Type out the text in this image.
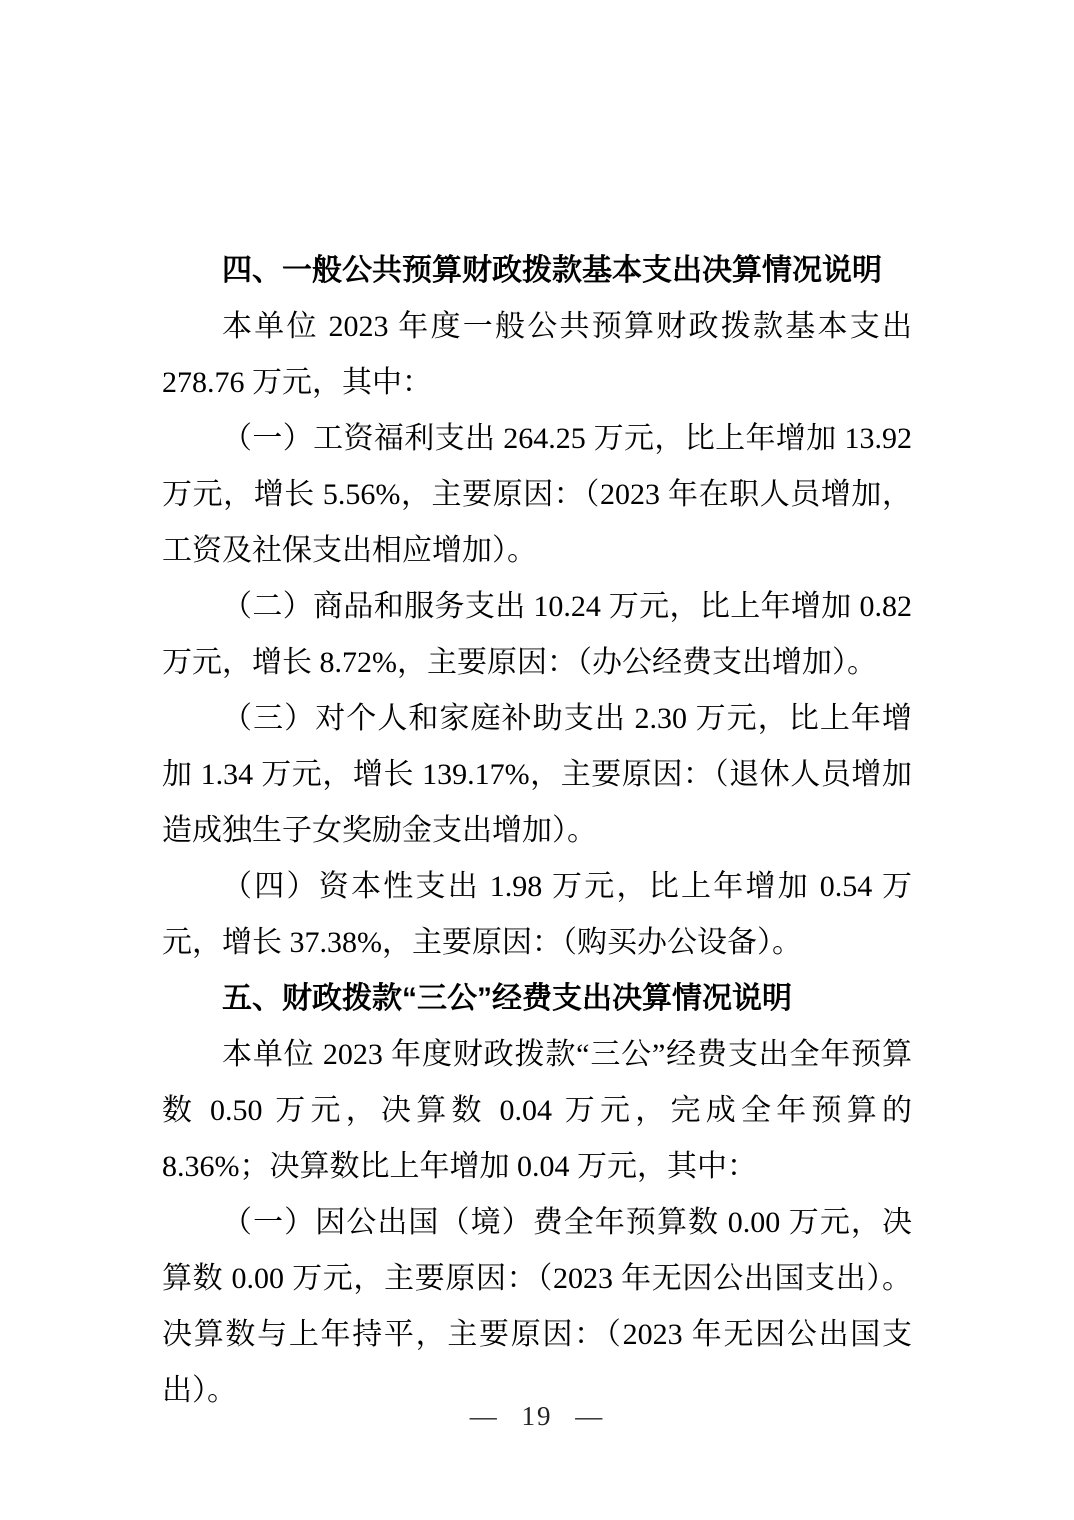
四、一般公共预算财政拨款基本支出决算情况说明

本单位 2023 年度一般公共预算财政拨款基本支出 278.76 万元，其中：

（一）工资福利支出 264.25 万元，比上年增加 13.92 万元，增长 5.56%，主要原因：（2023 年在职人员增加，工资及社保支出相应增加）。

（二）商品和服务支出 10.24 万元，比上年增加 0.82 万元，增长 8.72%，主要原因：（办公经费支出增加）。

（三）对个人和家庭补助支出 2.30 万元，比上年增加 1.34 万元，增长 139.17%，主要原因：（退休人员增加造成独生子女奖励金支出增加）。

（四）资本性支出 1.98 万元，比上年增加 0.54 万元，增长 37.38%，主要原因：（购买办公设备）。

五、财政拨款“三公”经费支出决算情况说明

本单位 2023 年度财政拨款“三公”经费支出全年预算数 0.50 万元，决算数 0.04 万元，完成全年预算的 8.36%；决算数比上年增加 0.04 万元，其中：

（一）因公出国（境）费全年预算数 0.00 万元，决算数 0.00 万元，主要原因：（2023 年无因公出国支出）。决算数与上年持平，主要原因：（2023 年无因公出国支出）。

— 19 —
